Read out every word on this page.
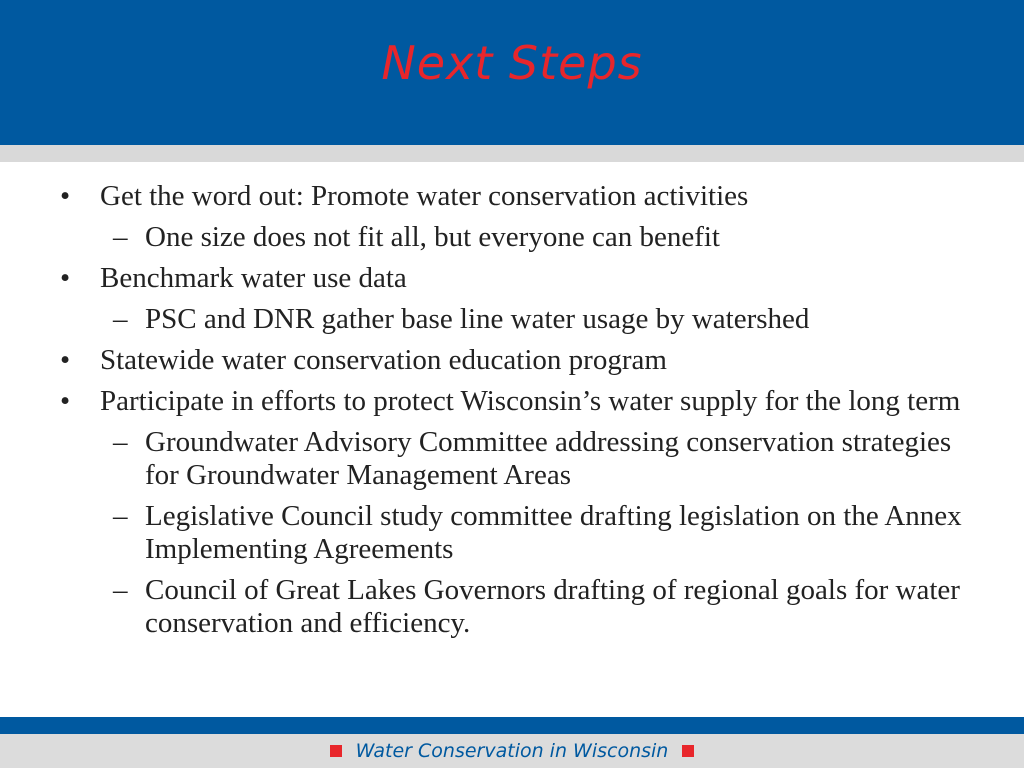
Next Steps
• Get the word out: Promote water conservation activities
– One size does not fit all, but everyone can benefit
• Benchmark water use data
– PSC and DNR gather base line water usage by watershed
• Statewide water conservation education program
• Participate in efforts to protect Wisconsin’s water supply for the long term
– Groundwater Advisory Committee addressing conservation strategies for Groundwater Management Areas
– Legislative Council study committee drafting legislation on the Annex Implementing Agreements
– Council of Great Lakes Governors drafting of regional goals for water conservation and efficiency.
Water Conservation in Wisconsin
